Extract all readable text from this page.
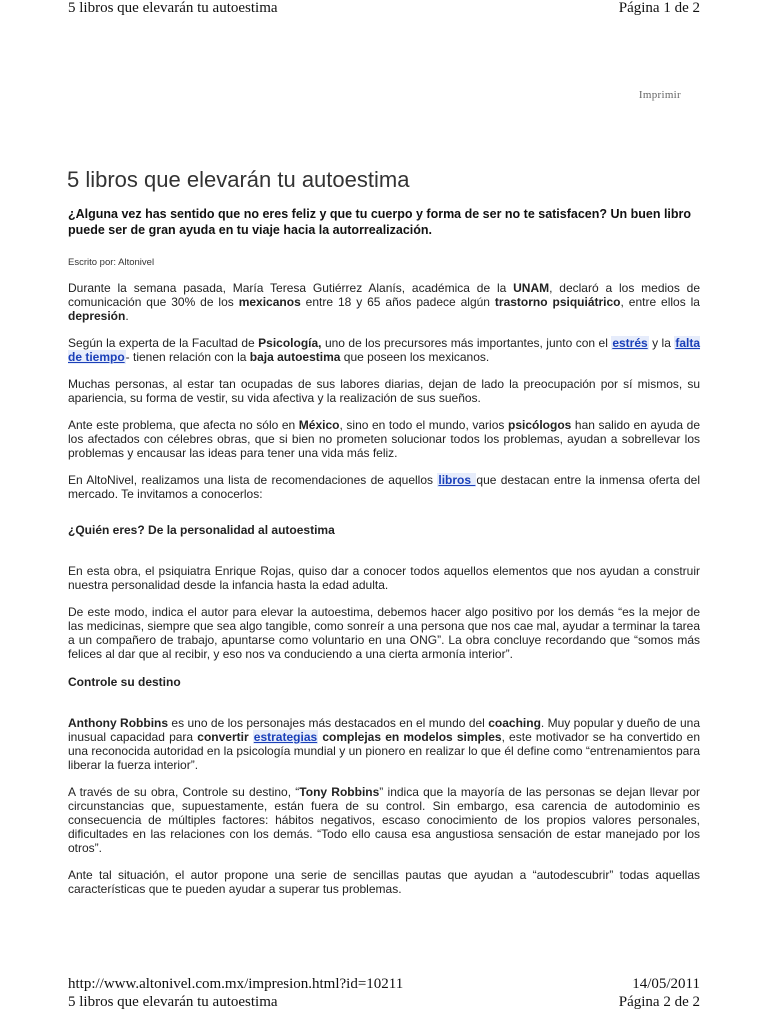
5 libros que elevarán tu autoestima	Página 1 de 2
Imprimir
5 libros que elevarán tu autoestima

¿Alguna vez has sentido que no eres feliz y que tu cuerpo y forma de ser no te satisfacen? Un buen libro puede ser de gran ayuda en tu viaje hacia la autorrealización.

Escrito por: Altonivel

Durante la semana pasada, María Teresa Gutiérrez Alanís, académica de la UNAM, declaró a los medios de comunicación que 30% de los mexicanos entre 18 y 65 años padece algún trastorno psiquiátrico, entre ellos la depresión.

Según la experta de la Facultad de Psicología, uno de los precursores más importantes, junto con el estrés y la falta de tiempo- tienen relación con la baja autoestima que poseen los mexicanos.

Muchas personas, al estar tan ocupadas de sus labores diarias, dejan de lado la preocupación por sí mismos, su apariencia, su forma de vestir, su vida afectiva y la realización de sus sueños.

Ante este problema, que afecta no sólo en México, sino en todo el mundo, varios psicólogos han salido en ayuda de los afectados con célebres obras, que si bien no prometen solucionar todos los problemas, ayudan a sobrellevar los problemas y encausar las ideas para tener una vida más feliz.

En AltoNivel, realizamos una lista de recomendaciones de aquellos libros que destacan entre la inmensa oferta del mercado. Te invitamos a conocerlos:

¿Quién eres? De la personalidad al autoestima

En esta obra, el psiquiatra Enrique Rojas, quiso dar a conocer todos aquellos elementos que nos ayudan a construir nuestra personalidad desde la infancia hasta la edad adulta.

De este modo, indica el autor para elevar la autoestima, debemos hacer algo positivo por los demás “es la mejor de las medicinas, siempre que sea algo tangible, como sonreír a una persona que nos cae mal, ayudar a terminar la tarea a un compañero de trabajo, apuntarse como voluntario en una ONG”. La obra concluye recordando que “somos más felices al dar que al recibir, y eso nos va conduciendo a una cierta armonía interior”.

Controle su destino

Anthony Robbins es uno de los personajes más destacados en el mundo del coaching. Muy popular y dueño de una inusual capacidad para convertir estrategias complejas en modelos simples, este motivador se ha convertido en una reconocida autoridad en la psicología mundial y un pionero en realizar lo que él define como “entrenamientos para liberar la fuerza interior”.

A través de su obra, Controle su destino, “Tony Robbins” indica que la mayoría de las personas se dejan llevar por circunstancias que, supuestamente, están fuera de su control. Sin embargo, esa carencia de autodominio es consecuencia de múltiples factores: hábitos negativos, escaso conocimiento de los propios valores personales, dificultades en las relaciones con los demás. “Todo ello causa esa angustiosa sensación de estar manejado por los otros”.

Ante tal situación, el autor propone una serie de sencillas pautas que ayudan a “autodescubrir” todas aquellas características que te pueden ayudar a superar tus problemas.

http://www.altonivel.com.mx/impresion.html?id=10211	14/05/2011
5 libros que elevarán tu autoestima	Página 2 de 2
